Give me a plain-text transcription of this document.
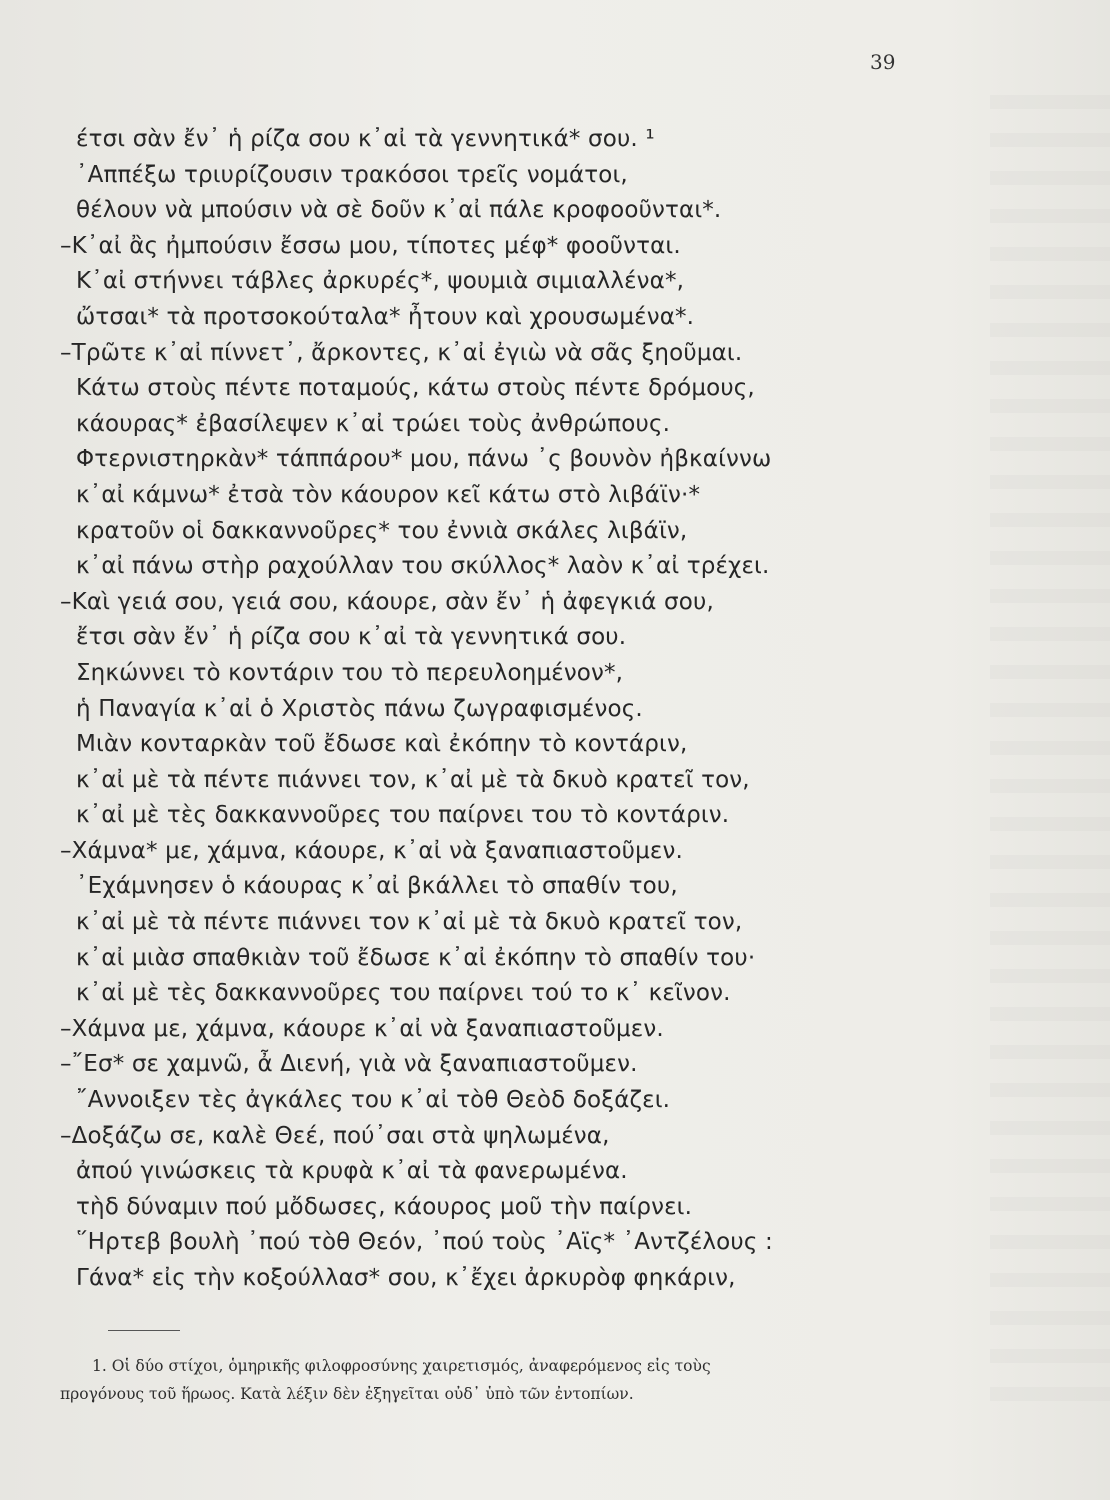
39
έτσι σὰν ἔν᾽ ἡ ρίζα σου κ᾽αἰ τὰ γεννητικά* σου. ¹
᾽Αππέξω τριυρίζουσιν τρακόσοι τρεῖς νομάτοι,
θέλουν νὰ μπούσιν νὰ σὲ δοῦν κ᾽αἰ πάλε κροφοοῦνται*.
–Κ᾽αἰ ἂς ἠμπούσιν ἔσσω μου, τίποτες μέφ* φοοῦνται.
Κ᾽αἰ στήννει τάβλες ἀρκυρές*, ψουμιὰ σιμιαλλένα*,
ὤτσαι* τὰ προτσοκούταλα* ἦτουν καὶ χρουσωμένα*.
–Τρῶτε κ᾽αἰ πίννετ᾽, ἄρκοντες, κ᾽αἰ ἐγιὼ νὰ σᾶς ξηοῦμαι.
Κάτω στοὺς πέντε ποταμούς, κάτω στοὺς πέντε δρόμους,
κάουρας* ἐβασίλεψεν κ᾽αἰ τρώει τοὺς ἀνθρώπους.
Φτερνιστηρκὰν* τάππάρου* μου, πάνω ᾽ς βουνὸν ἠβκαίννω
κ᾽αἰ κάμνω* ἐτσὰ τὸν κάουρον κεῖ κάτω στὸ λιβάϊν·*
κρατοῦν οἱ δακκαννοῦρες* του ἐννιὰ σκάλες λιβάϊν,
κ᾽αἰ πάνω στὴρ ραχούλλαν του σκύλλος* λαὸν κ᾽αἰ τρέχει.
–Καὶ γειά σου, γειά σου, κάουρε, σὰν ἔν᾽ ἡ ἀφεγκιά σου,
ἔτσι σὰν ἔν᾽ ἡ ρίζα σου κ᾽αἰ τὰ γεννητικά σου.
Σηκώννει τὸ κοντάριν του τὸ περευλοημένον*,
ἡ Παναγία κ᾽αἰ ὁ Χριστὸς πάνω ζωγραφισμένος.
Μιὰν κονταρκὰν τοῦ ἔδωσε καὶ ἐκόπην τὸ κοντάριν,
κ᾽αἰ μὲ τὰ πέντε πιάννει τον, κ᾽αἰ μὲ τὰ δκυὸ κρατεῖ τον,
κ᾽αἰ μὲ τὲς δακκαννοῦρες του παίρνει του τὸ κοντάριν.
–Χάμνα* με, χάμνα, κάουρε, κ᾽αἰ νὰ ξαναπιαστοῦμεν.
᾽Εχάμνησεν ὁ κάουρας κ᾽αἰ βκάλλει τὸ σπαθίν του,
κ᾽αἰ μὲ τὰ πέντε πιάννει τον κ᾽αἰ μὲ τὰ δκυὸ κρατεῖ τον,
κ᾽αἰ μιὰσ σπαθκιὰν τοῦ ἔδωσε κ᾽αἰ ἐκόπην τὸ σπαθίν του·
κ᾽αἰ μὲ τὲς δακκαννοῦρες του παίρνει τού το κ᾽ κεῖνον.
–Χάμνα με, χάμνα, κάουρε κ᾽αἰ νὰ ξαναπιαστοῦμεν.
–῎Εσ* σε χαμνῶ, ἆ Διενή, γιὰ νὰ ξαναπιαστοῦμεν.
῎Αννοιξεν τὲς ἀγκάλες του κ᾽αἰ τὸθ Θεὸδ δοξάζει.
–Δοξάζω σε, καλὲ Θεέ, πού᾽σαι στὰ ψηλωμένα,
ἀπού γινώσκεις τὰ κρυφὰ κ᾽αἰ τὰ φανερωμένα.
τὴδ δύναμιν πού μὄδωσες, κάουρος μοῦ τὴν παίρνει.
῞Ηρτεβ βουλὴ ᾽πού τὸθ Θεόν, ᾽πού τοὺς ᾽Αϊς* ᾽Αντζέλους :
Γάνα* εἰς τὴν κοξούλλασ* σου, κ᾽ἔχει ἀρκυρὸφ φηκάριν,
1. Οἱ δύο στίχοι, ὁμηρικῆς φιλοφροσύνης χαιρετισμός, ἀναφερόμενος εἰς τοὺς
προγόνους τοῦ ἥρωος. Κατὰ λέξιν δὲν ἐξηγεῖται οὐδ᾽ ὑπὸ τῶν ἐντοπίων.
